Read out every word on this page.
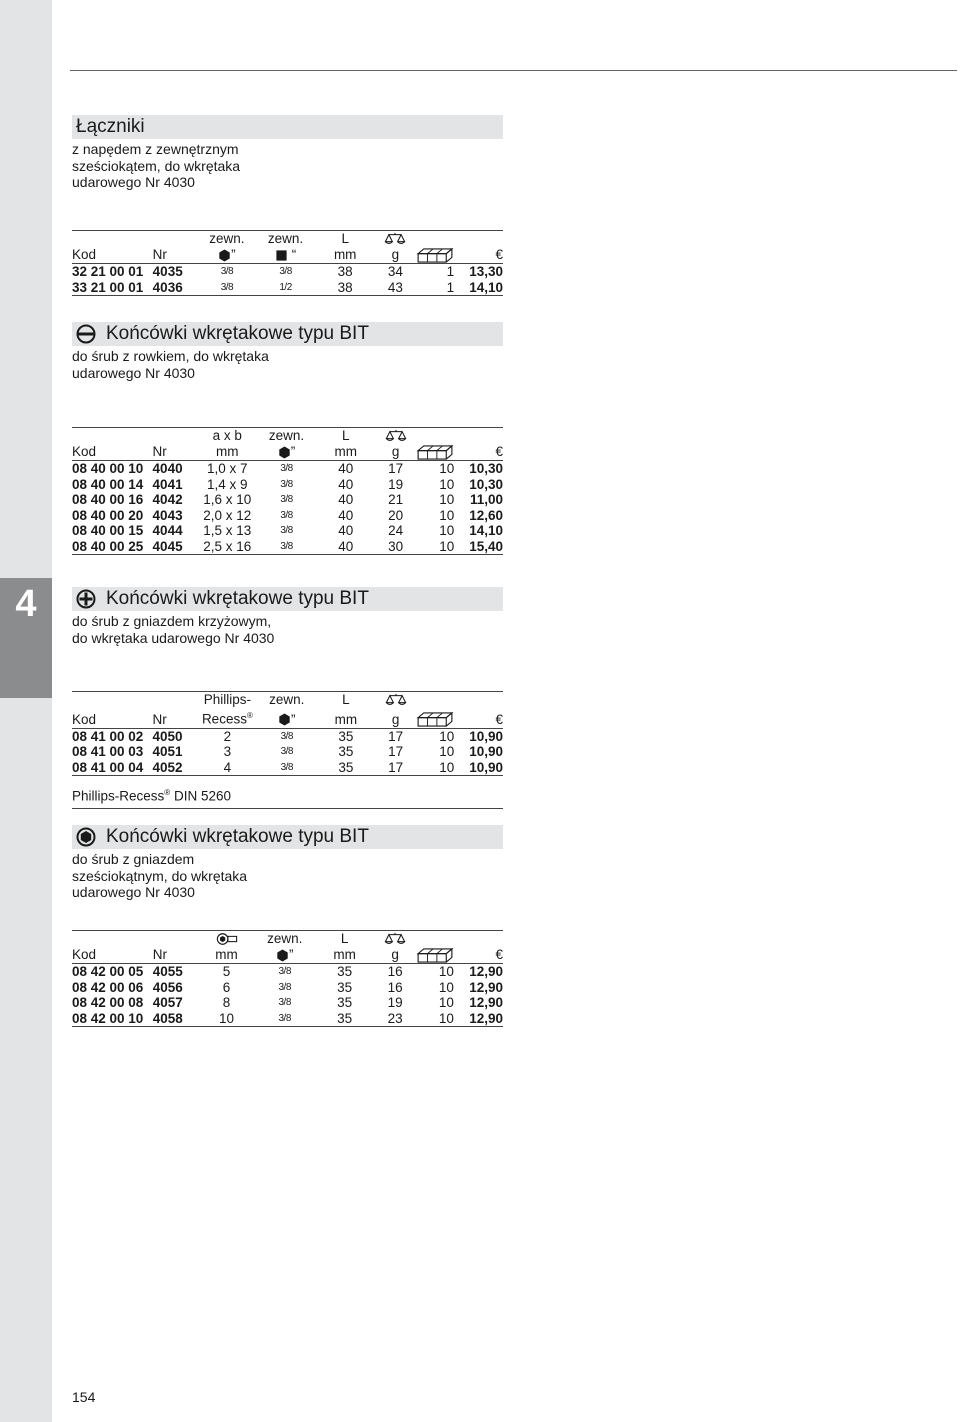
4
Łączniki
z napędem z zewnętrznym
sześciokątem, do wkrętaka
udarowego Nr 4030
		zewn.	zewn.	L			
Kod	Nr	”	“	mm	g		€
32 21 00 01	4035	3/8	3/8	38	34	1	13,30
33 21 00 01	4036	3/8	1/2	38	43	1	14,10
Końcówki wkrętakowe typu BIT
do śrub z rowkiem, do wkrętaka
udarowego Nr 4030
		a x b	zewn.	L			
Kod	Nr	mm	”	mm	g		€
08 40 00 10	4040	1,0 x 7	3/8	40	17	10	10,30
08 40 00 14	4041	1,4 x 9	3/8	40	19	10	10,30
08 40 00 16	4042	1,6 x 10	3/8	40	21	10	11,00
08 40 00 20	4043	2,0 x 12	3/8	40	20	10	12,60
08 40 00 15	4044	1,5 x 13	3/8	40	24	10	14,10
08 40 00 25	4045	2,5 x 16	3/8	40	30	10	15,40
Końcówki wkrętakowe typu BIT
do śrub z gniazdem krzyżowym,
do wkrętaka udarowego Nr 4030
		Phillips-	zewn.	L			
Kod	Nr	Recess®	”	mm	g		€
08 41 00 02	4050	2	3/8	35	17	10	10,90
08 41 00 03	4051	3	3/8	35	17	10	10,90
08 41 00 04	4052	4	3/8	35	17	10	10,90
Phillips-Recess® DIN 5260
Końcówki wkrętakowe typu BIT
do śrub z gniazdem
sześciokątnym, do wkrętaka
udarowego Nr 4030
			zewn.	L			
Kod	Nr	mm	”	mm	g		€
08 42 00 05	4055	5	3/8	35	16	10	12,90
08 42 00 06	4056	6	3/8	35	16	10	12,90
08 42 00 08	4057	8	3/8	35	19	10	12,90
08 42 00 10	4058	10	3/8	35	23	10	12,90
154
